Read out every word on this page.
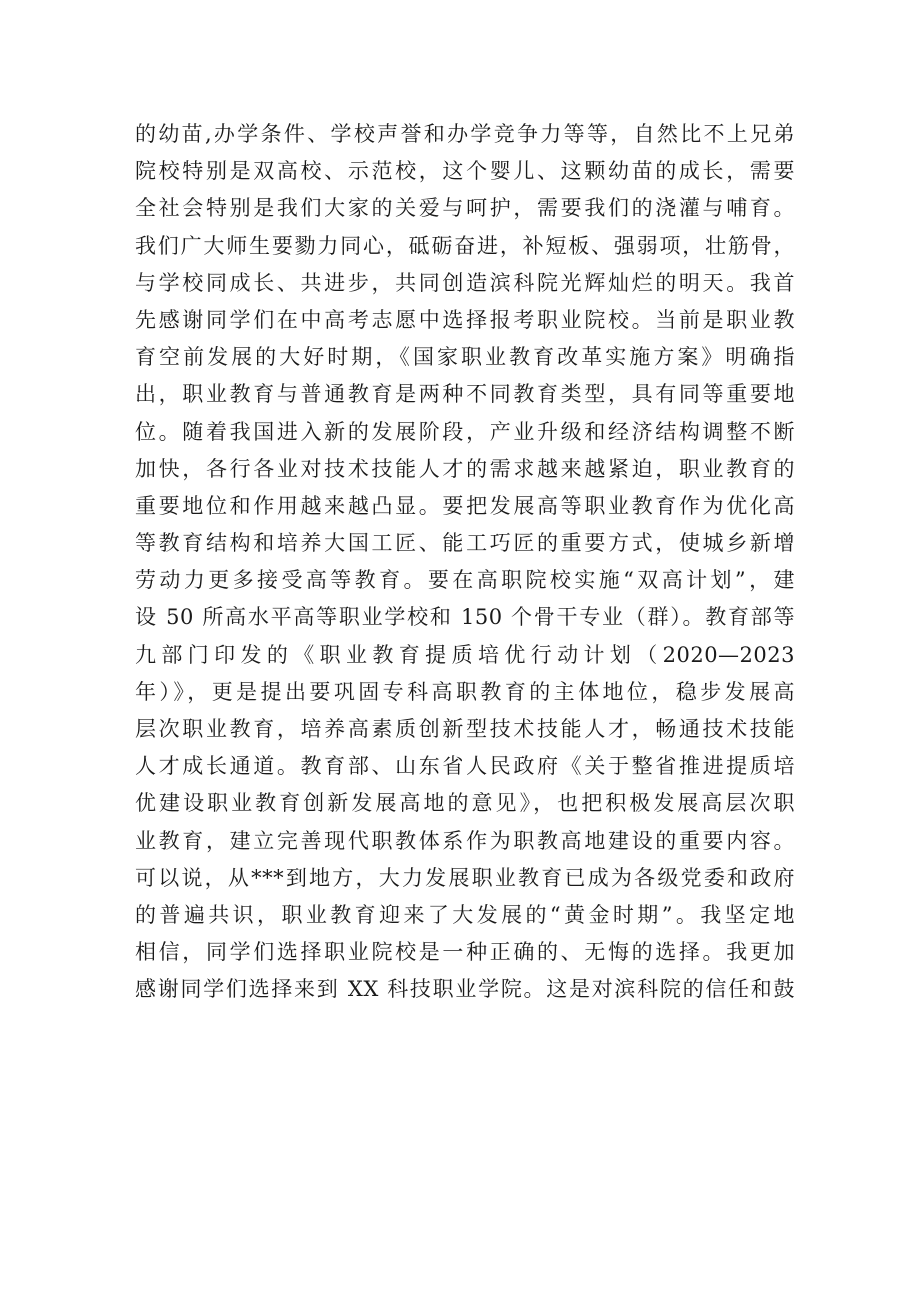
的幼苗,办学条件、学校声誉和办学竞争力等等，自然比不上兄弟
院校特别是双高校、示范校，这个婴儿、这颗幼苗的成长，需要
全社会特别是我们大家的关爱与呵护，需要我们的浇灌与哺育。
我们广大师生要勠力同心，砥砺奋进，补短板、强弱项，壮筋骨，
与学校同成长、共进步，共同创造滨科院光辉灿烂的明天。我首
先感谢同学们在中高考志愿中选择报考职业院校。当前是职业教
育空前发展的大好时期，《国家职业教育改革实施方案》明确指
出，职业教育与普通教育是两种不同教育类型，具有同等重要地
位。随着我国进入新的发展阶段，产业升级和经济结构调整不断
加快，各行各业对技术技能人才的需求越来越紧迫，职业教育的
重要地位和作用越来越凸显。要把发展高等职业教育作为优化高
等教育结构和培养大国工匠、能工巧匠的重要方式，使城乡新增
劳动力更多接受高等教育。要在高职院校实施“双高计划”，建
设 50 所高水平高等职业学校和 150 个骨干专业（群）。教育部等
九部门印发的《职业教育提质培优行动计划（2020—2023
年）》，更是提出要巩固专科高职教育的主体地位，稳步发展高
层次职业教育，培养高素质创新型技术技能人才，畅通技术技能
人才成长通道。教育部、山东省人民政府《关于整省推进提质培
优建设职业教育创新发展高地的意见》，也把积极发展高层次职
业教育，建立完善现代职教体系作为职教高地建设的重要内容。
可以说，从***到地方，大力发展职业教育已成为各级党委和政府
的普遍共识，职业教育迎来了大发展的“黄金时期”。我坚定地
相信，同学们选择职业院校是一种正确的、无悔的选择。我更加
感谢同学们选择来到 XX 科技职业学院。这是对滨科院的信任和鼓
